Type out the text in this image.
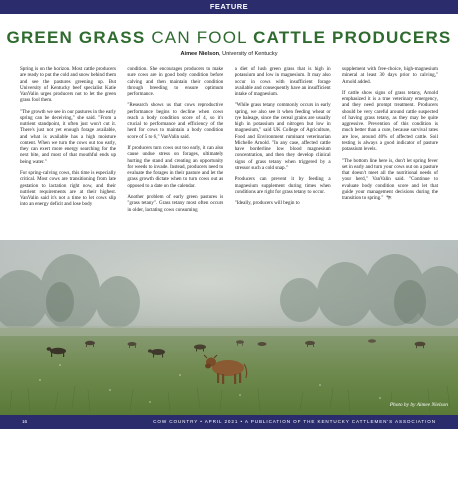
FEATURE
GREEN GRASS CAN FOOL CATTLE PRODUCERS
Aimee Nielson, University of Kentucky

Spring is on the horizon. Most cattle producers are ready to put the cold and snow behind them and see the pastures greening up. But University of Kentucky beef specialist Katie VanValin urges producers not to let the green grass fool them.

"The growth we see in our pastures in the early spring can be deceiving," she said. "From a nutrient standpoint, it often just won't cut it. There's just not yet enough forage available, and what is available has a high moisture content. When we turn the cows out too early, they can exert more energy searching for the next bite, and most of that mouthful ends up being water."

For spring-calving cows, this time is especially critical. Most cows are transitioning from late gestation to lactation right now, and their nutrient requirements are at their highest. VanValin said it's not a time to let cows slip into an energy deficit and lose body

condition. She encourages producers to make sure cows are in good body condition before calving and then maintain their condition through breeding to ensure optimum performance.

"Research shows us that cows reproductive performance begins to decline when cows reach a body condition score of 4, so it's crucial to performance and efficiency of the herd for cows to maintain a body condition score of 5 to 6," VanValin said.

If producers turn cows out too early, it can also cause undue stress on forages, ultimately hurting the stand and creating an opportunity for weeds to invade. Instead, producers need to evaluate the forages in their pasture and let the grass growth dictate when to turn cows out as opposed to a date on the calendar.

Another problem of early green pastures is "grass tetany". Grass tetany most often occurs in older, lactating cows consuming

a diet of lush green grass that is high in potassium and low in magnesium. It may also occur in cows with insufficient forage available and consequently have an insufficient intake of magnesium.

"While grass tetany commonly occurs in early spring, we also see it when feeding wheat or rye baleage, since the cereal grains are usually high in potassium and nitrogen but low in magnesium," said UK College of Agriculture, Food and Environment ruminant veterinarian Michelle Arnold. "In any case, affected cattle have borderline low blood magnesium concentration, and then they develop clinical signs of grass tetany when triggered by a stressor such a cold snap."

Producers can prevent it by feeding a magnesium supplement during times when conditions are right for grass tetany to occur.

"Ideally, producers will begin to

supplement with free-choice, high-magnesium mineral at least 30 days prior to calving," Arnold added.

If cattle show signs of grass tetany, Arnold emphasized it is a true veterinary emergency, and they need prompt treatment. Producers should be very careful around cattle suspected of having grass tetany, as they may be quite aggressive. Prevention of this condition is much better than a cure, because survival rates are low, around 40% of affected cattle. Soil testing is always a good indicator of pasture potassium levels.

"The bottom line here is, don't let spring fever set in early and turn your cows out on a pasture that doesn't meet all the nutritional needs of your herd," VanValin said. "Continue to evaluate body condition score and let that guide your management decisions during the transition to spring." 🐄

Photo by by Aimee Nielson
16	COW COUNTRY • APRIL 2021 • A PUBLICATION OF THE KENTUCKY CATTLEMEN'S ASSOCIATION
